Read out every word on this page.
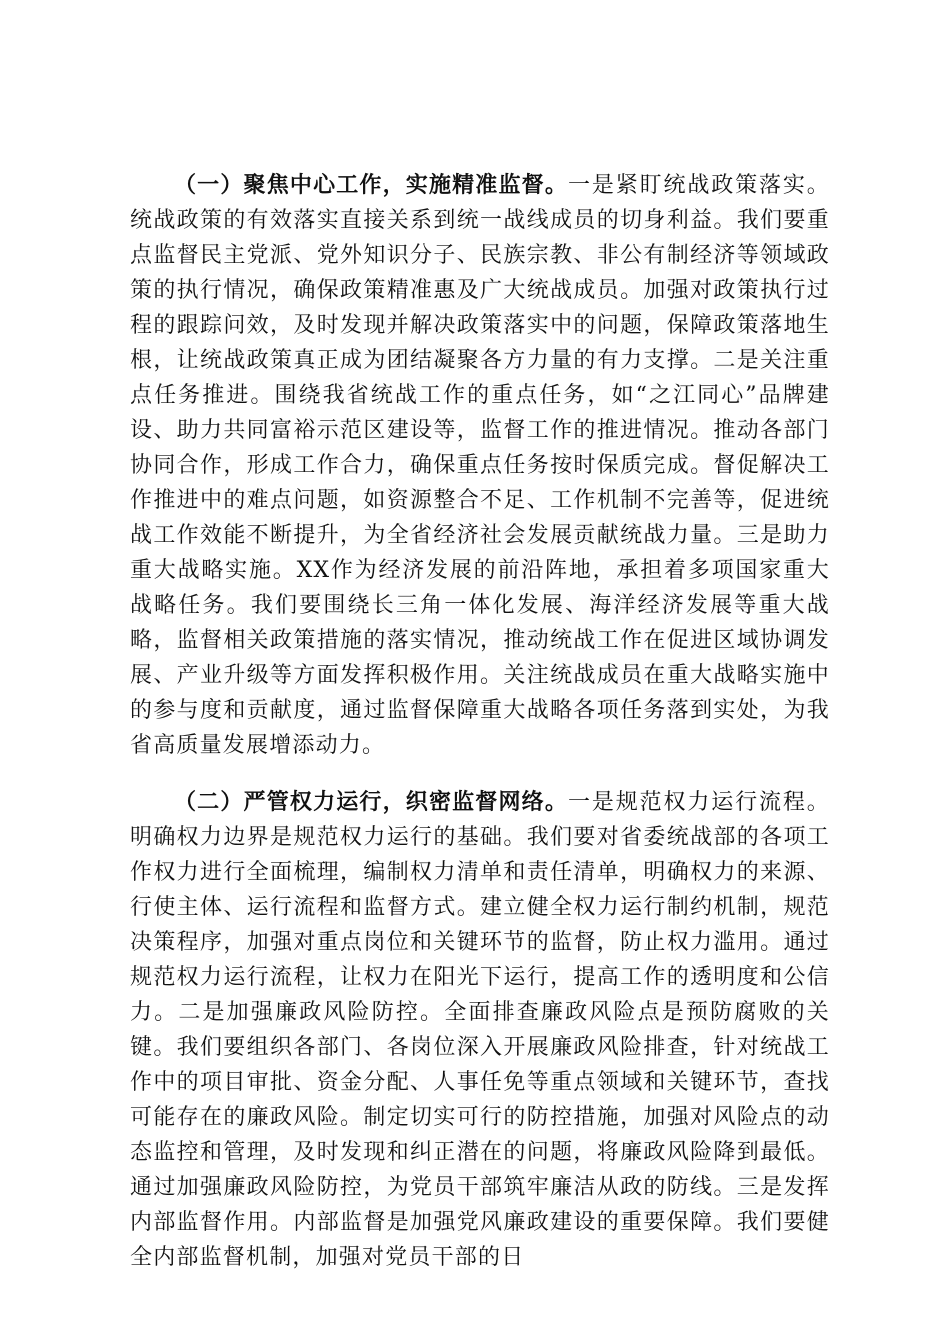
（一）聚焦中心工作，实施精准监督。一是紧盯统战政策落实。统战政策的有效落实直接关系到统一战线成员的切身利益。我们要重点监督民主党派、党外知识分子、民族宗教、非公有制经济等领域政策的执行情况，确保政策精准惠及广大统战成员。加强对政策执行过程的跟踪问效，及时发现并解决政策落实中的问题，保障政策落地生根，让统战政策真正成为团结凝聚各方力量的有力支撑。二是关注重点任务推进。围绕我省统战工作的重点任务，如“之江同心”品牌建设、助力共同富裕示范区建设等，监督工作的推进情况。推动各部门协同合作，形成工作合力，确保重点任务按时保质完成。督促解决工作推进中的难点问题，如资源整合不足、工作机制不完善等，促进统战工作效能不断提升，为全省经济社会发展贡献统战力量。三是助力重大战略实施。XX作为经济发展的前沿阵地，承担着多项国家重大战略任务。我们要围绕长三角一体化发展、海洋经济发展等重大战略，监督相关政策措施的落实情况，推动统战工作在促进区域协调发展、产业升级等方面发挥积极作用。关注统战成员在重大战略实施中的参与度和贡献度，通过监督保障重大战略各项任务落到实处，为我省高质量发展增添动力。

（二）严管权力运行，织密监督网络。一是规范权力运行流程。明确权力边界是规范权力运行的基础。我们要对省委统战部的各项工作权力进行全面梳理，编制权力清单和责任清单，明确权力的来源、行使主体、运行流程和监督方式。建立健全权力运行制约机制，规范决策程序，加强对重点岗位和关键环节的监督，防止权力滥用。通过规范权力运行流程，让权力在阳光下运行，提高工作的透明度和公信力。二是加强廉政风险防控。全面排查廉政风险点是预防腐败的关键。我们要组织各部门、各岗位深入开展廉政风险排查，针对统战工作中的项目审批、资金分配、人事任免等重点领域和关键环节，查找可能存在的廉政风险。制定切实可行的防控措施，加强对风险点的动态监控和管理，及时发现和纠正潜在的问题，将廉政风险降到最低。通过加强廉政风险防控，为党员干部筑牢廉洁从政的防线。三是发挥内部监督作用。内部监督是加强党风廉政建设的重要保障。我们要健全内部监督机制，加强对党员干部的日
